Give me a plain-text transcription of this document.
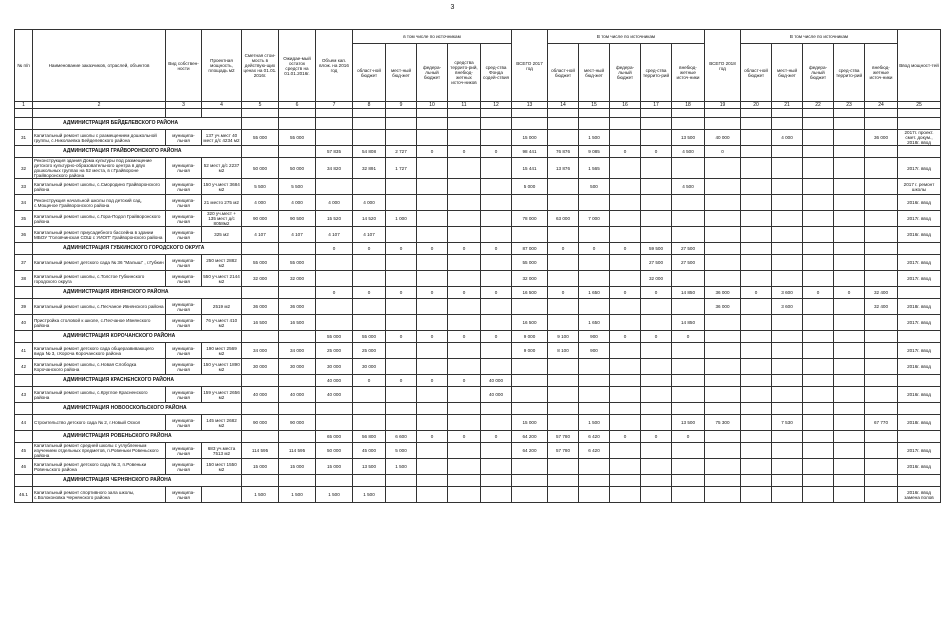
3
№ п/п	Наименование заказчиков, отраслей, объектов	Вид собствен-ности	Проектная мощность, площадь м2	Сметная стои-мость в действую-щих ценах на 01.01. 2016г.	Ожидае-мый остаток средств на 01.01.2016г.	Объем кап. влож. на 2016 год	в том числе по источникам					ВСЕГО 2017 год	В том числе по источникам					ВСЕГО 2018 год	В том числе по источникам					Ввод мощност-тей
							област-ной бюджет	мест-ный бюд-жет	федера-льный бюджет	средства террито-рий, внебюд-жетных источ-ников	сред-ства Фонда содей-ствия		област-ной бюджет	мест-ный бюд-жет	федера-льный бюджет	сред-ства террито-рий	внебюд-жетные источ-ники		област-ной бюджет	мест-ный бюд-жет	федера-льный бюджет	сред-ства террито-рий	внебюд-жетные источ-ники	
1	2	3	4	5	6	7	8	9	10	11	12	13	14	15	16	17	18	19	20	21	22	23	24	25

	АДМИНИСТРАЦИЯ БЕЙДЕЛЕВСКОГО РАЙОНА																							
31	Капитальный ремонт школы с размещением дошкольной группы, с.Николаевка Бейделевского района	муниципа-льная	137 уч.мест 40 мест д/с 4234 м2	55 000	55 000							15 000		1 500			13 500	40 000		4 000			36 000	2017г. проект. смет. докум., 2018г. ввод
	АДМИНИСТРАЦИЯ ГРАЙВОРОНСКОГО РАЙОНА					57 835	54 808	2 727	0	0	0	98 441	76 876	9 085	0	0	4 500	0						
32	Реконструкция здания Дома культуры под размещение детского культурно-образовательного центра в двух дошкольных группах на 52 места, в г.Грайвороне Грайворонского района	муниципа-льная	52 мест д/с 2237 м2	50 000	50 000	34 820	32 891	1 727				15 441	13 876	1 565										2017г. ввод
33	Капитальный ремонт школы, с.Смородино Грайворонского района	муниципа-льная	150 уч.мест 3684 м2	5 500	5 500							5 000		500			4 500							2017 г. ремонт школы
34	Реконструкция начальной школы под детский сад, с.Мощеное Грайворонского района	муниципа-льная	21 место 275 м2	4 000	4 000	4 000	4 000																	2016г. ввод
35	Капитальный ремонт школы, с.Гора-Подол Грайворонского района	муниципа-льная	320 уч.мест + 135 мест д/с 8058м2	90 000	90 500	15 520	14 520	1 000				78 000	63 000	7 000										2017г. ввод
36	Капитальный ремонт приусадебного бассейна в здании МБОУ "Головчинская СОШ с УИОП" Грайворонского района	муниципа-льная	325 м2	4 107	4 107	4 107	4 107																	2016г. ввод
	АДМИНИСТРАЦИЯ ГУБКИНСКОГО ГОРОДСКОГО ОКРУГА					0	0	0	0	0	0	87 000	0	0	0	59 500	27 500							
37	Капитальный ремонт детского сада № 36 "Малыш" , г.Губкин	муниципа-льная	250 мест 2882 м2	55 000	55 000							55 000				27 500	27 500							2017г. ввод
38	Капитальный ремонт школы, с.Толстое Губкинского городского округа	муниципа-льная	550 уч.мест 2144 м2	32 000	32 000							32 000				32 000								2017г. ввод
	АДМИНИСТРАЦИЯ ИВНЯНСКОГО РАЙОНА					0	0	0	0	0	0	16 500	0	1 650	0	0	14 850	36 000	0	3 600	0	0	32 400	
39	Капитальный ремонт школы, с.Песчаное Ивнянского района	муниципа-льная	2519 м2	36 000	36 000													36 000		3 600			32 400	2018г. ввод
40	Пристройка столовой к школе, с.Песчаное Ивнянского района	муниципа-льная	76 уч.мест 410 м2	16 500	16 500							16 500		1 650			14 850							2017г. ввод
	АДМИНИСТРАЦИЯ КОРОЧАНСКОГО РАЙОНА					55 000	55 000	0	0	0	0	9 000	9 100	900	0	0	0							
41	Капитальный ремонт детского сада общеразвивающего вида № 3, г.Короча Корочанского района	муниципа-льная	190 мест 2569 м2	34 000	34 000	25 000	25 000					9 000	8 100	900										2017г. ввод
42	Капитальный ремонт школы, с.Новая Слободка Корочанского района	муниципа-льная	150 уч.мест 1890 м2	30 000	30 000	30 000	30 000																	2016г. ввод
	АДМИНИСТРАЦИЯ КРАСНЕНСКОГО РАЙОНА					40 000	0	0	0	0	40 000													
43	Капитальный ремонт школы, с.Круглое Красненского района	муниципа-льная	159 уч.мест 2656 м2	40 000	40 000	40 000					40 000													2016г. ввод
	АДМИНИСТРАЦИЯ НОВООСКОЛЬСКОГО РАЙОНА																							
44	Строительство детского сада № 2, г.Новый Оскол	муниципа-льная	145 мест 2682 м2	90 000	90 000							15 000		1 500			13 500	75 300		7 530			67 770	2018г. ввод
	АДМИНИСТРАЦИЯ РОВЕНЬСКОГО РАЙОНА					65 000	56 800	6 600	0	0	0	64 200	57 780	6 420	0	0	0							
45	Капитальный ремонт средней школы с углубленным изучением отдельных предметов, п.Ровеньки Ровеньского района	муниципа-льная	683 уч.места 7513 м2	114 595	114 595	50 000	45 000	5 000				64 200	57 780	6 420										2017г. ввод
46	Капитальный ремонт детского сада № 3, п.Ровеньки Ровеньского района	муниципа-льная	150 мест 1550 м2	15 000	15 000	15 000	13 500	1 500																2016г. ввод
	АДМИНИСТРАЦИЯ ЧЕРНЯНСКОГО РАЙОНА																							
46.1	Капитальный ремонт спортивного зала школы, с.Волоконовка Чернянского района	муниципа-льная		1 500	1 500	1 500	1 500																	2016г. ввод замена полов
